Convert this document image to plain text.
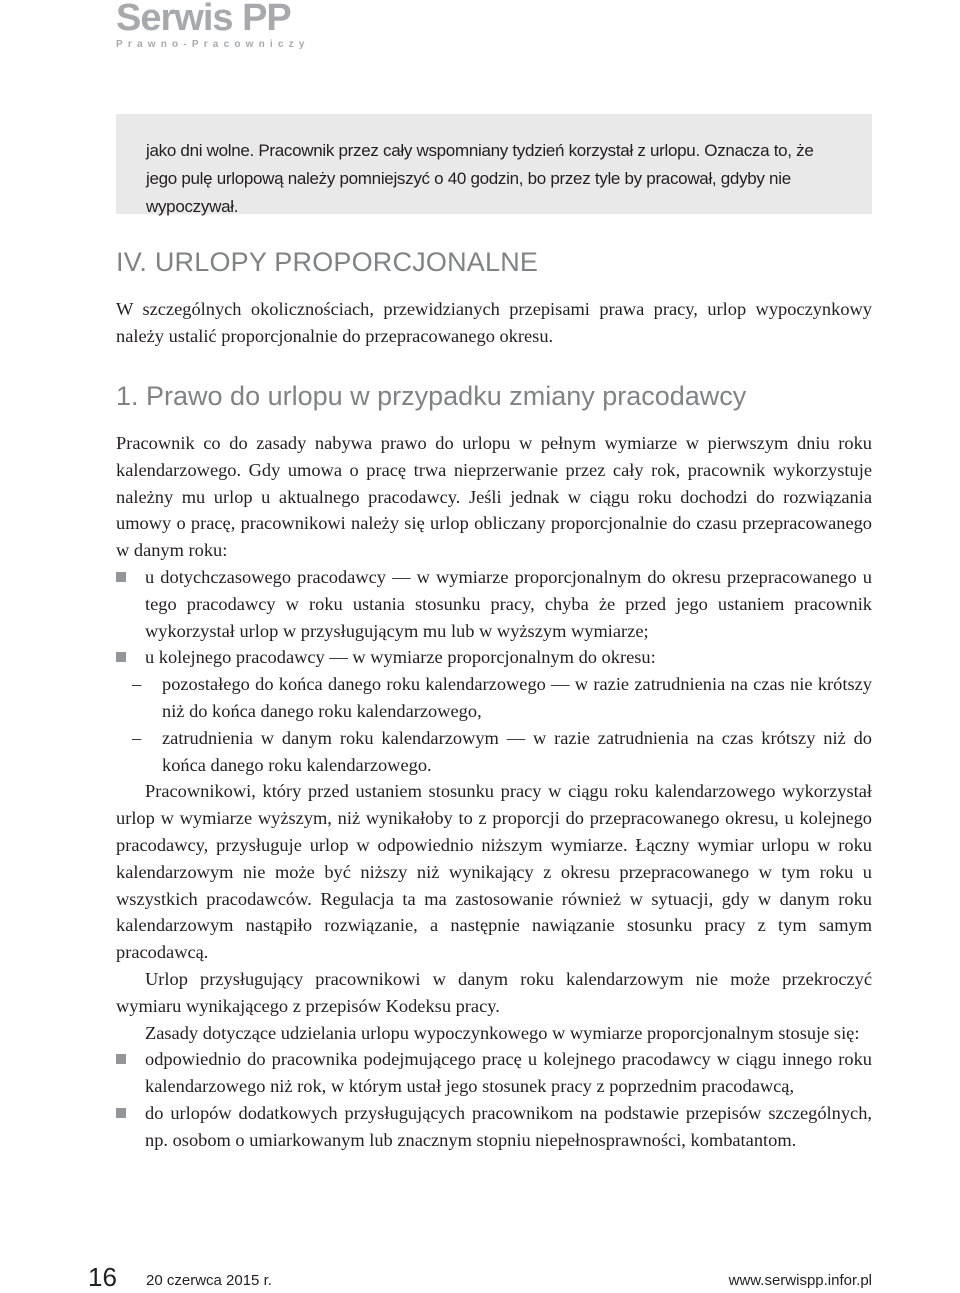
Serwis PP
Prawno-Pracowniczy
jako dni wolne. Pracownik przez cały wspomniany tydzień korzystał z urlopu. Oznacza to, że jego pulę urlopową należy pomniejszyć o 40 godzin, bo przez tyle by pracował, gdyby nie wypoczywał.
IV. URLOPY PROPORCJONALNE

W szczególnych okolicznościach, przewidzianych przepisami prawa pracy, urlop wypoczynkowy należy ustalić proporcjonalnie do przepracowanego okresu.

1. Prawo do urlopu w przypadku zmiany pracodawcy

Pracownik co do zasady nabywa prawo do urlopu w pełnym wymiarze w pierwszym dniu roku kalendarzowego. Gdy umowa o pracę trwa nieprzerwanie przez cały rok, pracownik wykorzystuje należny mu urlop u aktualnego pracodawcy. Jeśli jednak w ciągu roku dochodzi do rozwiązania umowy o pracę, pracownikowi należy się urlop obliczany proporcjonalnie do czasu przepracowanego w danym roku:

u dotychczasowego pracodawcy — w wymiarze proporcjonalnym do okresu przepracowanego u tego pracodawcy w roku ustania stosunku pracy, chyba że przed jego ustaniem pracownik wykorzystał urlop w przysługującym mu lub w wyższym wymiarze;
u kolejnego pracodawcy — w wymiarze proporcjonalnym do okresu:
– pozostałego do końca danego roku kalendarzowego — w razie zatrudnienia na czas nie krótszy niż do końca danego roku kalendarzowego,
– zatrudnienia w danym roku kalendarzowym — w razie zatrudnienia na czas krótszy niż do końca danego roku kalendarzowego.

Pracownikowi, który przed ustaniem stosunku pracy w ciągu roku kalendarzowego wykorzystał urlop w wymiarze wyższym, niż wynikałoby to z proporcji do przepracowanego okresu, u kolejnego pracodawcy, przysługuje urlop w odpowiednio niższym wymiarze. Łączny wymiar urlopu w roku kalendarzowym nie może być niższy niż wynikający z okresu przepracowanego w tym roku u wszystkich pracodawców. Regulacja ta ma zastosowanie również w sytuacji, gdy w danym roku kalendarzowym nastąpiło rozwiązanie, a następnie nawiązanie stosunku pracy z tym samym pracodawcą.

Urlop przysługujący pracownikowi w danym roku kalendarzowym nie może przekroczyć wymiaru wynikającego z przepisów Kodeksu pracy.

Zasady dotyczące udzielania urlopu wypoczynkowego w wymiarze proporcjonalnym stosuje się:

odpowiednio do pracownika podejmującego pracę u kolejnego pracodawcy w ciągu innego roku kalendarzowego niż rok, w którym ustał jego stosunek pracy z poprzednim pracodawcą,
do urlopów dodatkowych przysługujących pracownikom na podstawie przepisów szczególnych, np. osobom o umiarkowanym lub znacznym stopniu niepełnosprawności, kombatantom.
16 20 czerwca 2015 r.	www.serwispp.infor.pl
